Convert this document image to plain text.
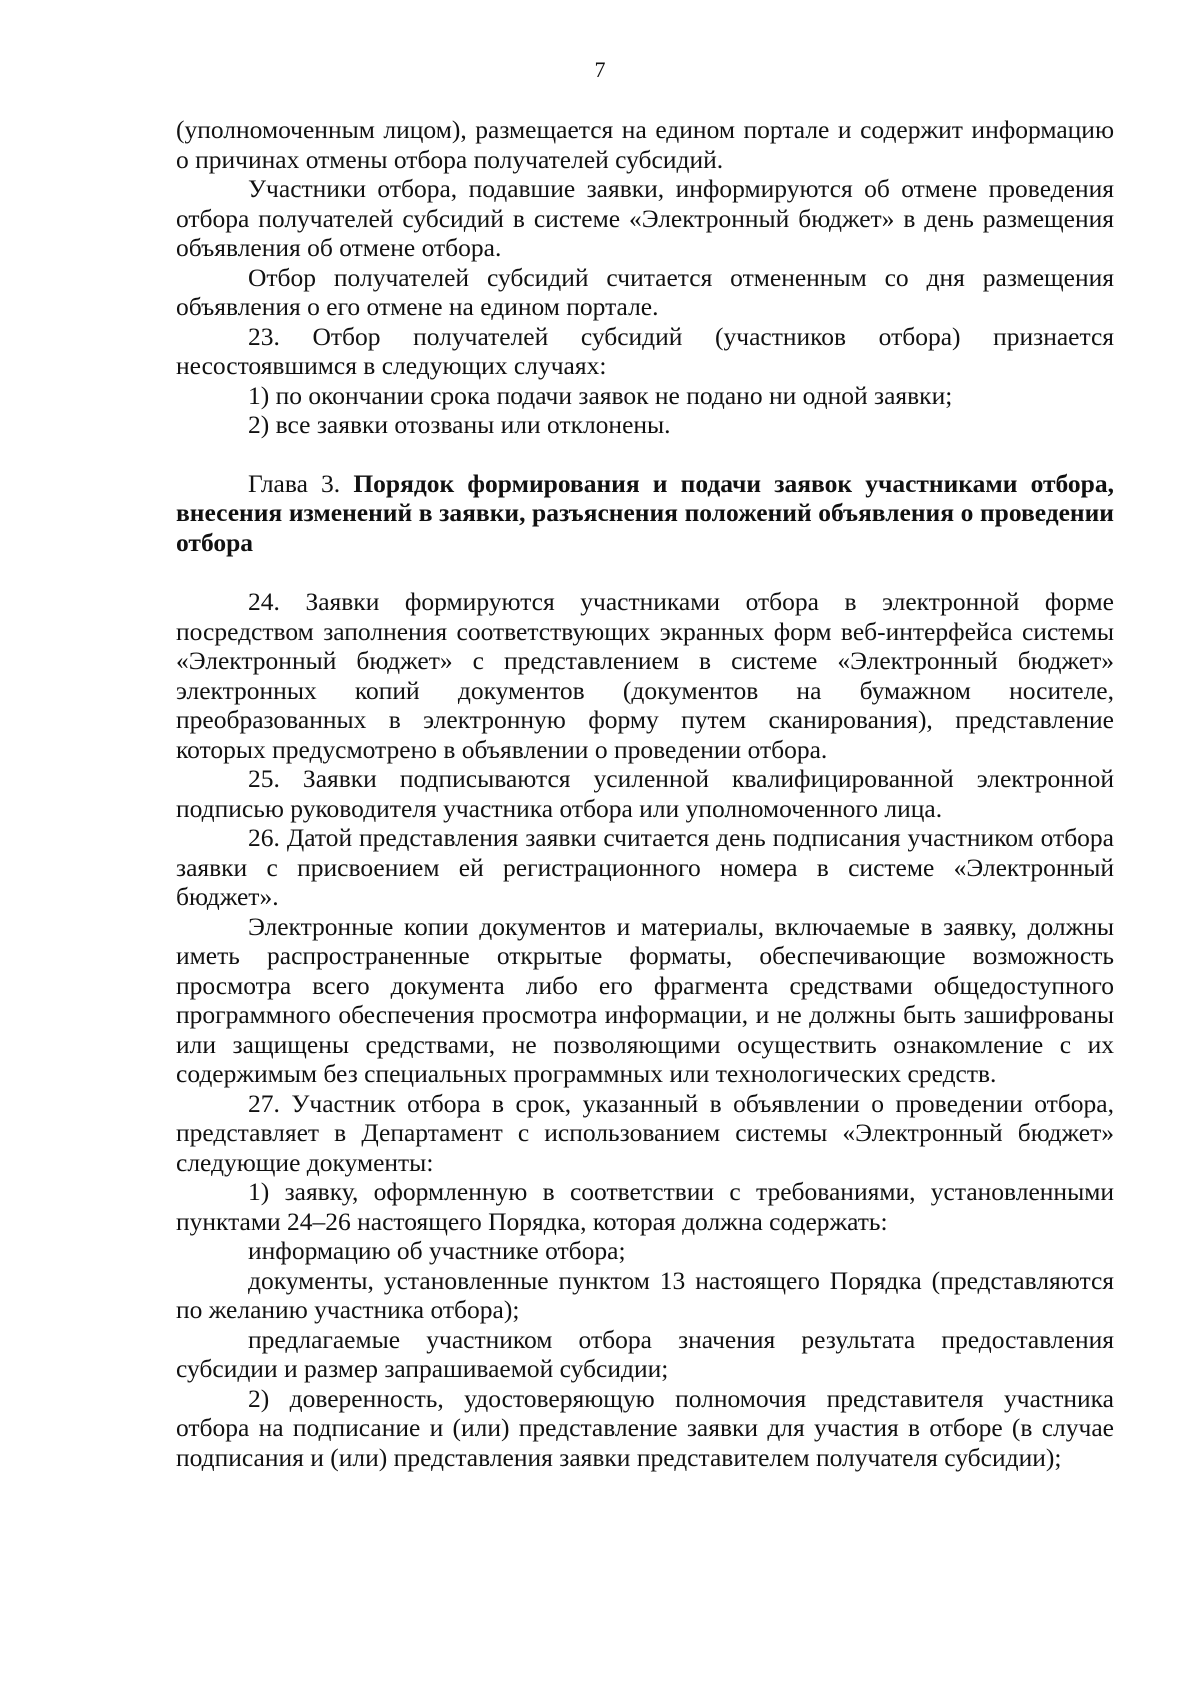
7

(уполномоченным лицом), размещается на едином портале и содержит информацию о причинах отмены отбора получателей субсидий.

Участники отбора, подавшие заявки, информируются об отмене проведения отбора получателей субсидий в системе «Электронный бюджет» в день размещения объявления об отмене отбора.

Отбор получателей субсидий считается отмененным со дня размещения объявления о его отмене на едином портале.

23. Отбор получателей субсидий (участников отбора) признается несостоявшимся в следующих случаях:

1) по окончании срока подачи заявок не подано ни одной заявки;

2) все заявки отозваны или отклонены.

Глава 3. Порядок формирования и подачи заявок участниками отбора, внесения изменений в заявки, разъяснения положений объявления о проведении отбора

24. Заявки формируются участниками отбора в электронной форме посредством заполнения соответствующих экранных форм веб-интерфейса системы «Электронный бюджет» с представлением в системе «Электронный бюджет» электронных копий документов (документов на бумажном носителе, преобразованных в электронную форму путем сканирования), представление которых предусмотрено в объявлении о проведении отбора.

25. Заявки подписываются усиленной квалифицированной электронной подписью руководителя участника отбора или уполномоченного лица.

26. Датой представления заявки считается день подписания участником отбора заявки с присвоением ей регистрационного номера в системе «Электронный бюджет».

Электронные копии документов и материалы, включаемые в заявку, должны иметь распространенные открытые форматы, обеспечивающие возможность просмотра всего документа либо его фрагмента средствами общедоступного программного обеспечения просмотра информации, и не должны быть зашифрованы или защищены средствами, не позволяющими осуществить ознакомление с их содержимым без специальных программных или технологических средств.

27. Участник отбора в срок, указанный в объявлении о проведении отбора, представляет в Департамент с использованием системы «Электронный бюджет» следующие документы:

1) заявку, оформленную в соответствии с требованиями, установленными пунктами 24–26 настоящего Порядка, которая должна содержать:

информацию об участнике отбора;

документы, установленные пунктом 13 настоящего Порядка (представляются по желанию участника отбора);

предлагаемые участником отбора значения результата предоставления субсидии и размер запрашиваемой субсидии;

2) доверенность, удостоверяющую полномочия представителя участника отбора на подписание и (или) представление заявки для участия в отборе (в случае подписания и (или) представления заявки представителем получателя субсидии);
